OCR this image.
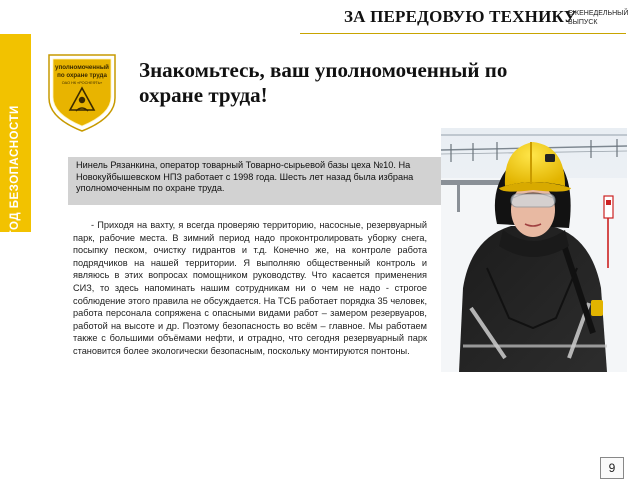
ЗА ПЕРЕДОВУЮ ТЕХНИКУ
ЕЖЕНЕДЕЛЬНЫЙ
ВЫПУСК
ГОД БЕЗОПАСНОСТИ
уполномоченный
по охране труда
ОАО НК «РОСНЕФТЬ»
Знакомьтесь, ваш уполномоченный по охране труда!

Нинель Рязанкина, оператор товарный Товарно-сырьевой базы цеха №10. На Новокуйбышевском НПЗ работает с 1998 года. Шесть лет назад была избрана уполномоченным по охране труда.

- Приходя на вахту, я всегда проверяю территорию, насосные, резервуарный парк, рабочие места. В зимний период надо проконтролировать уборку снега, посыпку песком, очистку гидрантов и т.д. Конечно же, на контроле работа подрядчиков на нашей территории. Я выполняю общественный контроль и являюсь в этих вопросах помощником руководству. Что касается применения СИЗ, то здесь напоминать нашим сотрудникам ни о чем не надо - строгое соблюдение этого правила не обсуждается. На ТСБ работает порядка 35 человек, работа персонала сопряжена с опасными видами работ – замером резервуаров, работой на высоте и др. Поэтому безопасность во всём – главное. Мы работаем также с большими объёмами нефти, и отрадно, что сегодня резервуарный парк становится более экологически безопасным, поскольку монтируются понтоны.

9
